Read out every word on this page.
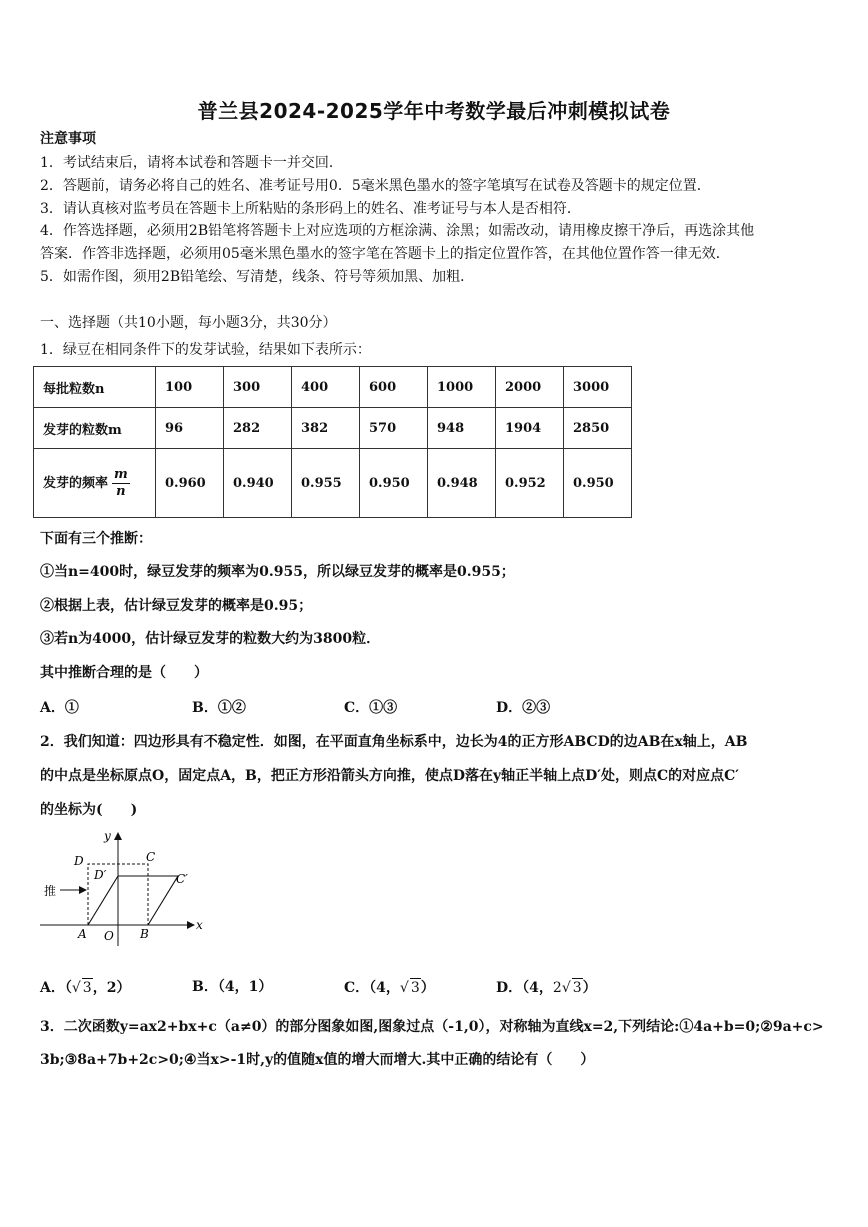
普兰县2024-2025学年中考数学最后冲刺模拟试卷
注意事项
1．考试结束后，请将本试卷和答题卡一并交回．
2．答题前，请务必将自己的姓名、准考证号用0．5毫米黑色墨水的签字笔填写在试卷及答题卡的规定位置．
3．请认真核对监考员在答题卡上所粘贴的条形码上的姓名、准考证号与本人是否相符．
4．作答选择题，必须用2B铅笔将答题卡上对应选项的方框涂满、涂黑；如需改动，请用橡皮擦干净后，再选涂其他
答案．作答非选择题，必须用05毫米黑色墨水的签字笔在答题卡上的指定位置作答，在其他位置作答一律无效．
5．如需作图，须用2B铅笔绘、写清楚，线条、符号等须加黑、加粗．
一、选择题（共10小题，每小题3分，共30分）
1．绿豆在相同条件下的发芽试验，结果如下表所示：
每批粒数n	100	300	400	600	1000	2000	3000
发芽的粒数m	96	282	382	570	948	1904	2850
发芽的频率 $\frac{m}{n}$	0.960	0.940	0.955	0.950	0.948	0.952	0.950
下面有三个推断：
①当n=400时，绿豆发芽的频率为0.955，所以绿豆发芽的概率是0.955；
②根据上表，估计绿豆发芽的概率是0.95；
③若n为4000，估计绿豆发芽的粒数大约为3800粒．
其中推断合理的是（　　）
A．①	B．①②	C．①③	D．②③
2．我们知道：四边形具有不稳定性．如图，在平面直角坐标系中，边长为4的正方形ABCD的边AB在x轴上，AB
的中点是坐标原点O，固定点A，B，把正方形沿箭头方向推，使点D落在y轴正半轴上点D′处，则点C的对应点C′
的坐标为(　　)
y
x
D	C
D′	C′
推
A O B
A．（√ 3，2）	B．（4，1）	C．（4，√ 3）	D．（4，2√ 3）
3．二次函数y=ax2+bx+c（a≠0）的部分图象如图,图象过点（-1,0），对称轴为直线x=2,下列结论:①4a+b=0;②9a+c>
3b;③8a+7b+2c>0;④当x>-1时,y的值随x值的增大而增大.其中正确的结论有（　　）
